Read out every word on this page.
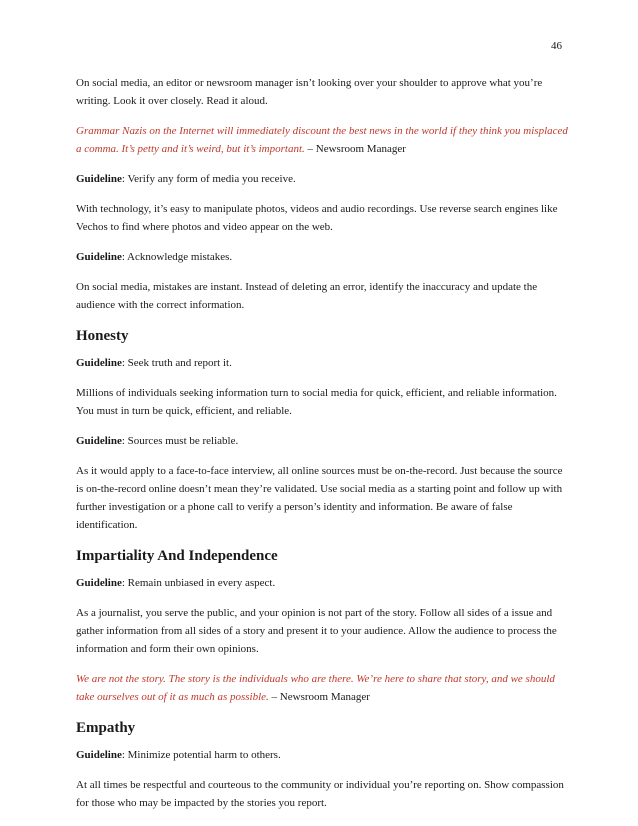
46

On social media, an editor or newsroom manager isn’t looking over your shoulder to approve what you’re writing. Look it over closely. Read it aloud.

Grammar Nazis on the Internet will immediately discount the best news in the world if they think you misplaced a comma. It’s petty and it’s weird, but it’s important. – Newsroom Manager

Guideline: Verify any form of media you receive.

With technology, it’s easy to manipulate photos, videos and audio recordings. Use reverse search engines like Vechos to find where photos and video appear on the web.

Guideline: Acknowledge mistakes.

On social media, mistakes are instant. Instead of deleting an error, identify the inaccuracy and update the audience with the correct information.

Honesty

Guideline: Seek truth and report it.

Millions of individuals seeking information turn to social media for quick, efficient, and reliable information. You must in turn be quick, efficient, and reliable.

Guideline: Sources must be reliable.

As it would apply to a face-to-face interview, all online sources must be on-the-record. Just because the source is on-the-record online doesn’t mean they’re validated. Use social media as a starting point and follow up with further investigation or a phone call to verify a person’s identity and information. Be aware of false identification.

Impartiality And Independence

Guideline: Remain unbiased in every aspect.

As a journalist, you serve the public, and your opinion is not part of the story. Follow all sides of a issue and gather information from all sides of a story and present it to your audience. Allow the audience to process the information and form their own opinions.

We are not the story. The story is the individuals who are there. We’re here to share that story, and we should take ourselves out of it as much as possible. – Newsroom Manager

Empathy

Guideline: Minimize potential harm to others.

At all times be respectful and courteous to the community or individual you’re reporting on. Show compassion for those who may be impacted by the stories you report.
